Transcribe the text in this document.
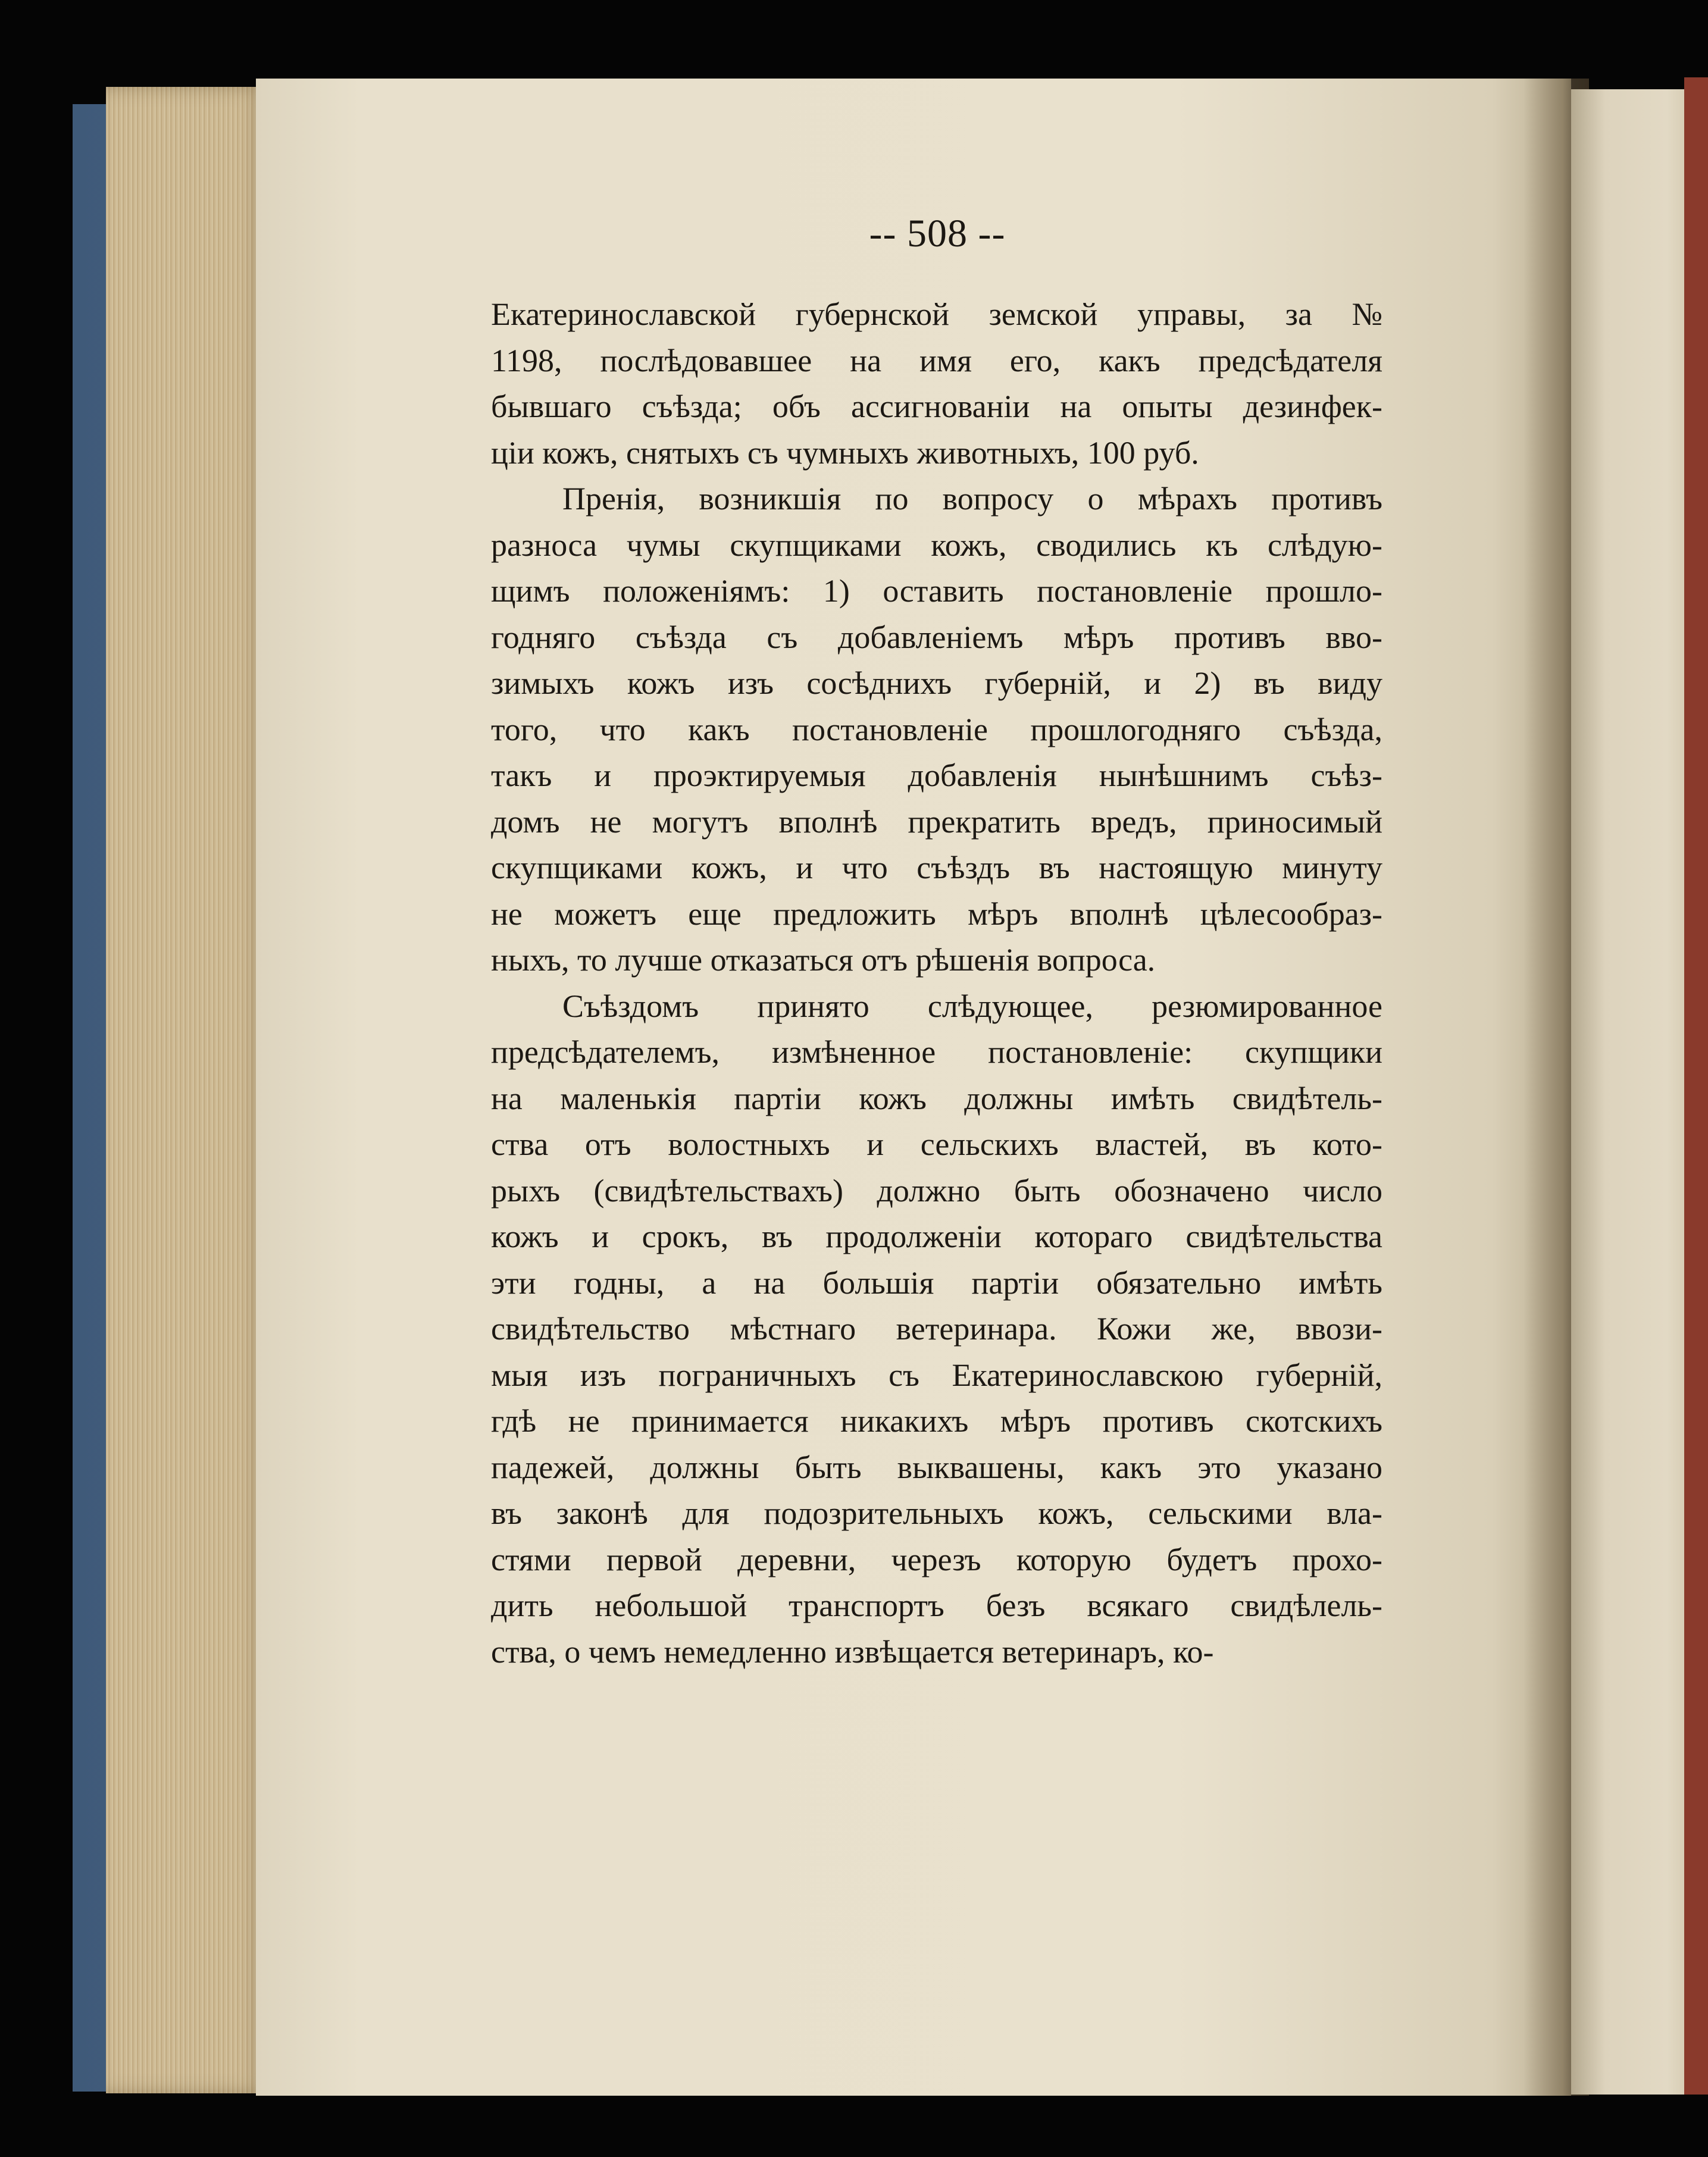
-- 508 --
Екатеринославской губернской земской управы, за №
1198, послѣдовавшее на имя его, какъ предсѣдателя
бывшаго съѣзда; объ ассигнованiи на опыты дезинфек-
цiи кожъ, снятыхъ съ чумныхъ животныхъ, 100 руб.
Пренiя, возникшiя по вопросу о мѣрахъ противъ
разноса чумы скупщиками кожъ, сводились къ слѣдую-
щимъ положенiямъ: 1) оставить постановленiе прошло-
годняго съѣзда съ добавленiемъ мѣръ противъ вво-
зимыхъ кожъ изъ сосѣднихъ губернiй, и 2) въ виду
того, что какъ постановленiе прошлогодняго съѣзда,
такъ и проэктируемыя добавленiя нынѣшнимъ съѣз-
домъ не могутъ вполнѣ прекратить вредъ, приносимый
скупщиками кожъ, и что съѣздъ въ настоящую минуту
не можетъ еще предложить мѣръ вполнѣ цѣлесообраз-
ныхъ, то лучше отказаться отъ рѣшенiя вопроса.
Съѣздомъ принято слѣдующее, резюмированное
предсѣдателемъ, измѣненное постановленiе: скупщики
на маленькiя партiи кожъ должны имѣть свидѣтель-
ства отъ волостныхъ и сельскихъ властей, въ кото-
рыхъ (свидѣтельствахъ) должно быть обозначено число
кожъ и срокъ, въ продолженiи котораго свидѣтельства
эти годны, а на большiя партiи обязательно имѣть
свидѣтельство мѣстнаго ветеринара. Кожи же, ввози-
мыя изъ пограничныхъ съ Екатеринославскою губернiй,
гдѣ не принимается никакихъ мѣръ противъ скотскихъ
падежей, должны быть выквашены, какъ это указано
въ законѣ для подозрительныхъ кожъ, сельскими вла-
стями первой деревни, черезъ которую будетъ прохо-
дить небольшой транспортъ безъ всякаго свидѣлель-
ства, о чемъ немедленно извѣщается ветеринаръ, ко-
